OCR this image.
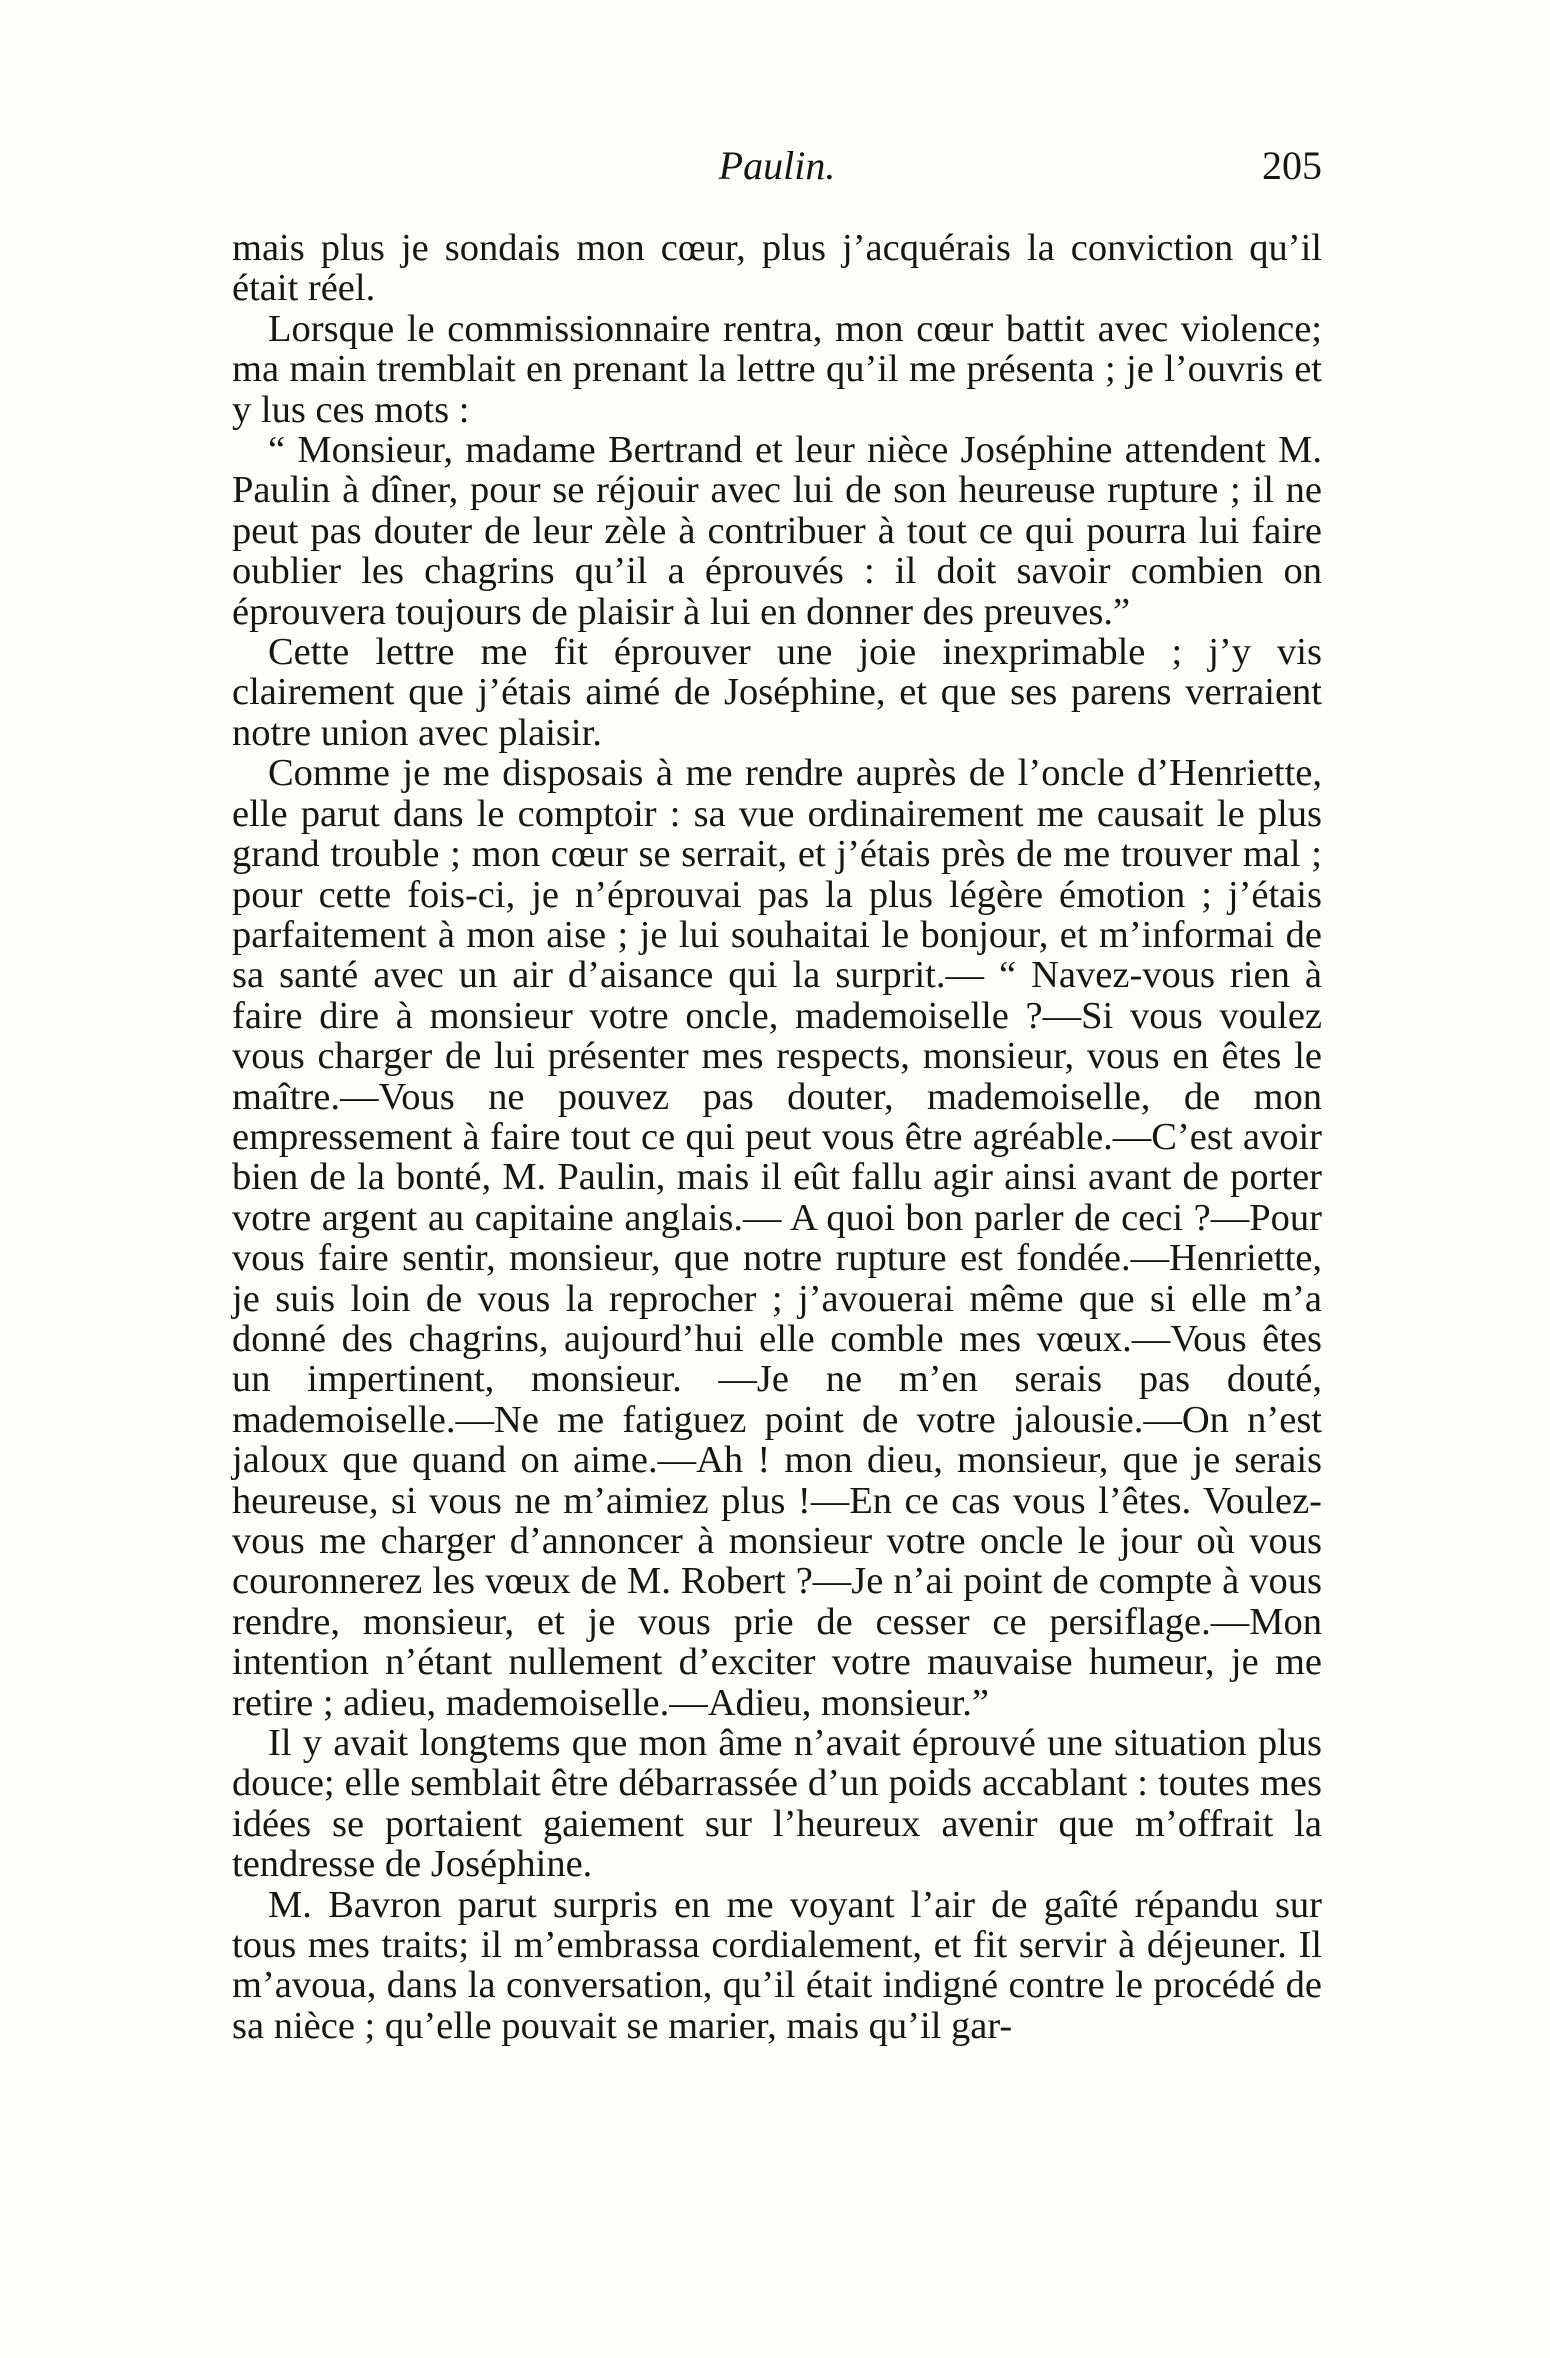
Paulin.	205

mais plus je sondais mon cœur, plus j’acquérais la conviction qu’il était réel.

Lorsque le commissionnaire rentra, mon cœur battit avec violence; ma main tremblait en prenant la lettre qu’il me présenta ; je l’ouvris et y lus ces mots :

“ Monsieur, madame Bertrand et leur nièce Joséphine attendent M. Paulin à dîner, pour se réjouir avec lui de son heureuse rupture ; il ne peut pas douter de leur zèle à contribuer à tout ce qui pourra lui faire oublier les chagrins qu’il a éprouvés : il doit savoir combien on éprouvera toujours de plaisir à lui en donner des preuves.”

Cette lettre me fit éprouver une joie inexprimable ; j’y vis clairement que j’étais aimé de Joséphine, et que ses parens verraient notre union avec plaisir.

Comme je me disposais à me rendre auprès de l’oncle d’Henriette, elle parut dans le comptoir : sa vue ordinairement me causait le plus grand trouble ; mon cœur se serrait, et j’étais près de me trouver mal ; pour cette fois-ci, je n’éprouvai pas la plus légère émotion ; j’étais parfaitement à mon aise ; je lui souhaitai le bonjour, et m’informai de sa santé avec un air d’aisance qui la surprit.— “ Navez-vous rien à faire dire à monsieur votre oncle, mademoiselle ?—Si vous voulez vous charger de lui présenter mes respects, monsieur, vous en êtes le maître.—Vous ne pouvez pas douter, mademoiselle, de mon empressement à faire tout ce qui peut vous être agréable.—C’est avoir bien de la bonté, M. Paulin, mais il eût fallu agir ainsi avant de porter votre argent au capitaine anglais.— A quoi bon parler de ceci ?—Pour vous faire sentir, monsieur, que notre rupture est fondée.—Henriette, je suis loin de vous la reprocher ; j’avouerai même que si elle m’a donné des chagrins, aujourd’hui elle comble mes vœux.—Vous êtes un impertinent, monsieur. —Je ne m’en serais pas douté, mademoiselle.—Ne me fatiguez point de votre jalousie.—On n’est jaloux que quand on aime.—Ah ! mon dieu, monsieur, que je serais heureuse, si vous ne m’aimiez plus !—En ce cas vous l’êtes. Voulez-vous me charger d’annoncer à monsieur votre oncle le jour où vous couronnerez les vœux de M. Robert ?—Je n’ai point de compte à vous rendre, monsieur, et je vous prie de cesser ce persiflage.—Mon intention n’étant nullement d’exciter votre mauvaise humeur, je me retire ; adieu, mademoiselle.—Adieu, monsieur.”

Il y avait longtems que mon âme n’avait éprouvé une situation plus douce; elle semblait être débarrassée d’un poids accablant : toutes mes idées se portaient gaiement sur l’heureux avenir que m’offrait la tendresse de Joséphine.

M. Bavron parut surpris en me voyant l’air de gaîté répandu sur tous mes traits; il m’embrassa cordialement, et fit servir à déjeuner. Il m’avoua, dans la conversation, qu’il était indigné contre le procédé de sa nièce ; qu’elle pouvait se marier, mais qu’il gar-
